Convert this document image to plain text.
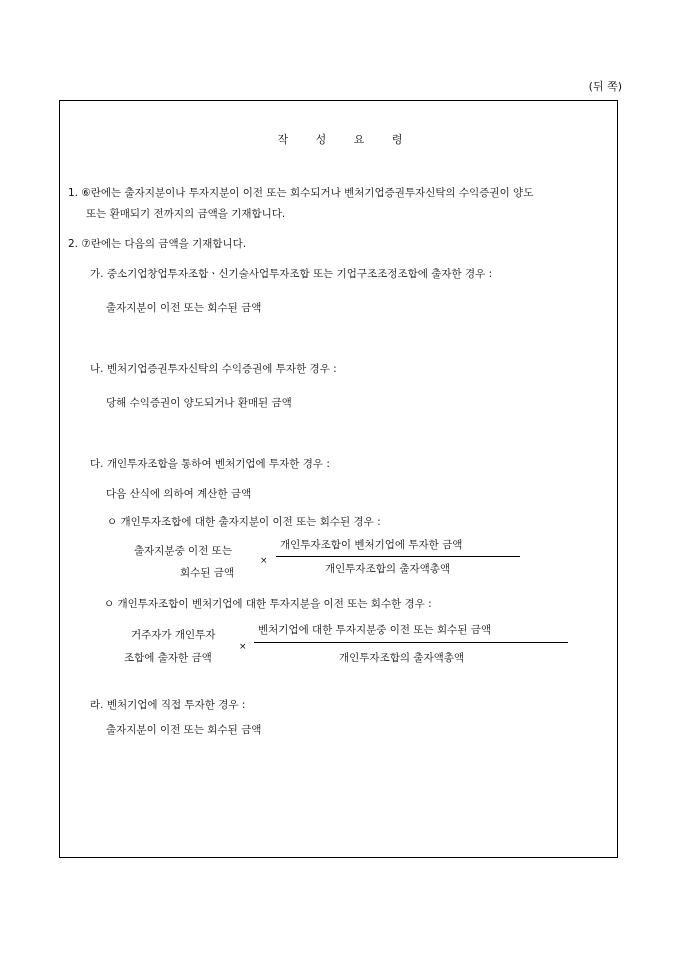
(뒤 쪽)
작 성 요 령
1. ⑥란에는 출자지분이나 투자지분이 이전 또는 회수되거나 벤처기업증권투자신탁의 수익증권이 양도
또는 환매되기 전까지의 금액을 기재합니다.
2. ⑦란에는 다음의 금액을 기재합니다.
가. 중소기업창업투자조합ㆍ신기술사업투자조합 또는 기업구조조정조합에 출자한 경우 :
출자지분이 이전 또는 회수된 금액
나. 벤처기업증권투자신탁의 수익증권에 투자한 경우 :
당해 수익증권이 양도되거나 환매된 금액
다. 개인투자조합을 통하여 벤처기업에 투자한 경우 :
다음 산식에 의하여 계산한 금액
ㅇ 개인투자조합에 대한 출자지분이 이전 또는 회수된 경우 :
출자지분중 이전 또는
회수된 금액
×
개인투자조합이 벤처기업에 투자한 금액
개인투자조합의 출자액총액
ㅇ 개인투자조합이 벤처기업에 대한 투자지분을 이전 또는 회수한 경우 :
거주자가 개인투자
조합에 출자한 금액
×
벤처기업에 대한 투자지분중 이전 또는 회수된 금액
개인투자조합의 출자액총액
라. 벤처기업에 직접 투자한 경우 :
출자지분이 이전 또는 회수된 금액
